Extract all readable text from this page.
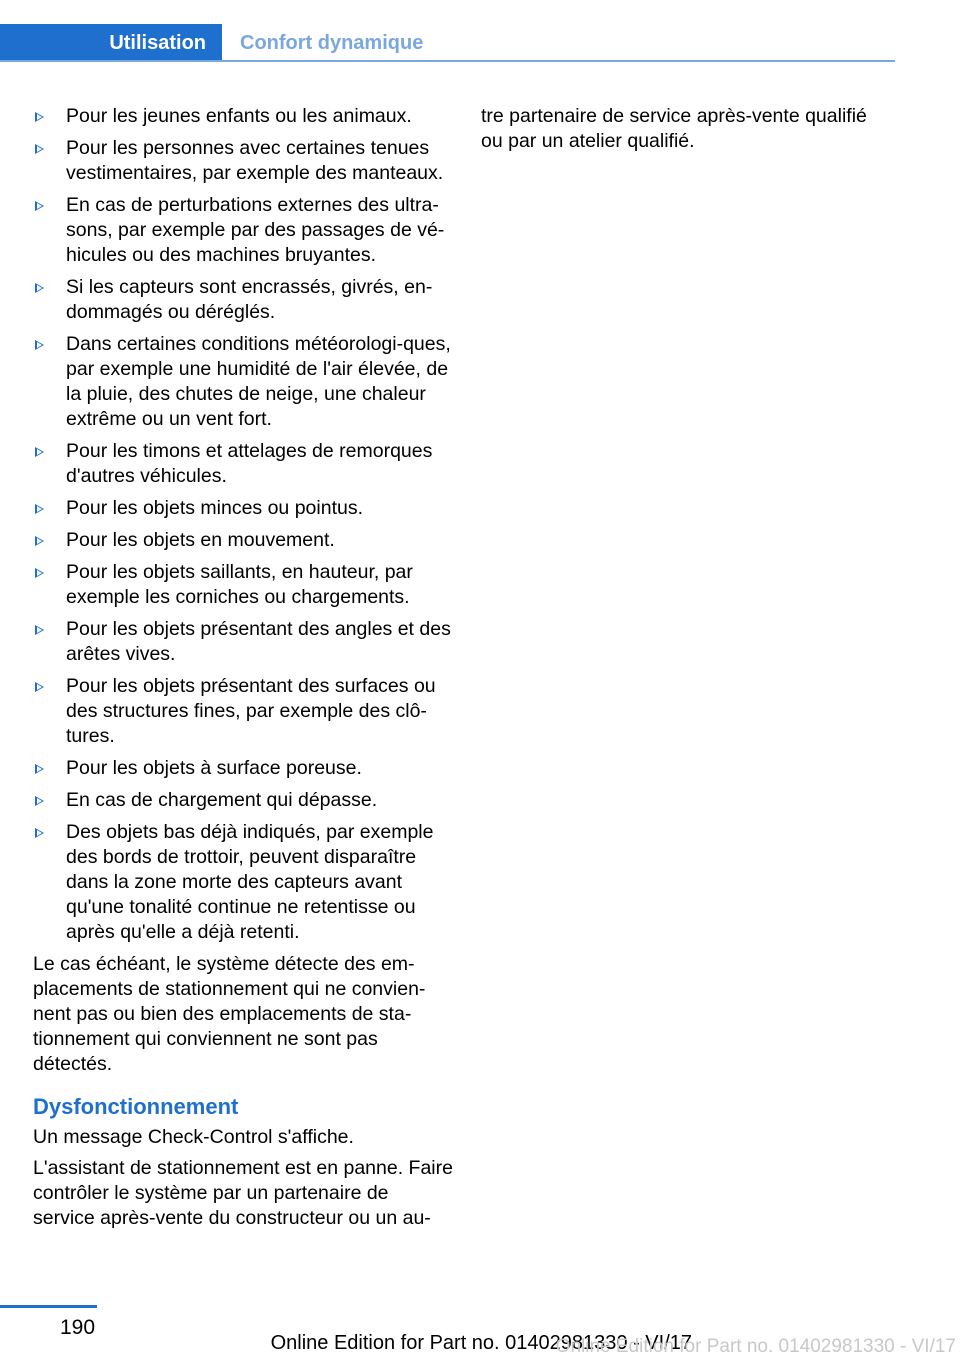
Utilisation	Confort dynamique
Pour les jeunes enfants ou les animaux.
Pour les personnes avec certaines tenues vestimentaires, par exemple des manteaux.
En cas de perturbations externes des ultra-sons, par exemple par des passages de vé-hicules ou des machines bruyantes.
Si les capteurs sont encrassés, givrés, en-dommagés ou déréglés.
Dans certaines conditions météorologi-ques, par exemple une humidité de l'air élevée, de la pluie, des chutes de neige, une chaleur extrême ou un vent fort.
Pour les timons et attelages de remorques d'autres véhicules.
Pour les objets minces ou pointus.
Pour les objets en mouvement.
Pour les objets saillants, en hauteur, par exemple les corniches ou chargements.
Pour les objets présentant des angles et des arêtes vives.
Pour les objets présentant des surfaces ou des structures fines, par exemple des clô-tures.
Pour les objets à surface poreuse.
En cas de chargement qui dépasse.
Des objets bas déjà indiqués, par exemple des bords de trottoir, peuvent disparaître dans la zone morte des capteurs avant qu'une tonalité continue ne retentisse ou après qu'elle a déjà retenti.

Le cas échéant, le système détecte des em-placements de stationnement qui ne convien-nent pas ou bien des emplacements de sta-tionnement qui conviennent ne sont pas détectés.

Dysfonctionnement

Un message Check-Control s'affiche.

L'assistant de stationnement est en panne. Faire contrôler le système par un partenaire de service après-vente du constructeur ou un au-

tre partenaire de service après-vente qualifié ou par un atelier qualifié.

190
Online Edition for Part no. 01402981330 - VI/17
Online Edition for Part no. 01402981330 - VI/17
